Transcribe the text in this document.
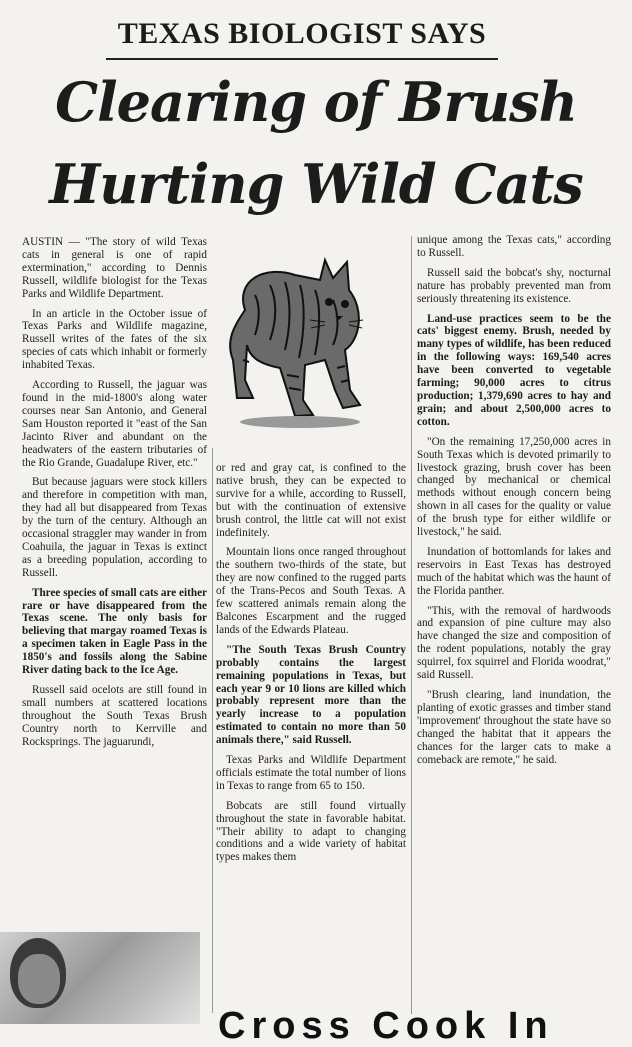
TEXAS BIOLOGIST SAYS
Clearing of Brush
Hurting Wild Cats

AUSTIN — "The story of wild Texas cats in general is one of rapid extermination," according to Dennis Russell, wildlife biologist for the Texas Parks and Wildlife Department.

In an article in the October issue of Texas Parks and Wildlife magazine, Russell writes of the fates of the six species of cats which inhabit or formerly inhabited Texas.

According to Russell, the jaguar was found in the mid-1800's along water courses near San Antonio, and General Sam Houston reported it "east of the San Jacinto River and abundant on the headwaters of the eastern tributaries of the Rio Grande, Guadalupe River, etc."

But because jaguars were stock killers and therefore in competition with man, they had all but disappeared from Texas by the turn of the century. Although an occasional straggler may wander in from Coahuila, the jaguar in Texas is extinct as a breeding population, according to Russell.

Three species of small cats are either rare or have disappeared from the Texas scene. The only basis for believing that margay roamed Texas is a specimen taken in Eagle Pass in the 1850's and fossils along the Sabine River dating back to the Ice Age.

Russell said ocelots are still found in small numbers at scattered locations throughout the South Texas Brush Country north to Kerrville and Rocksprings. The jaguarundi,

or red and gray cat, is confined to the native brush, they can be expected to survive for a while, according to Russell, but with the continuation of extensive brush control, the little cat will not exist indefinitely.

Mountain lions once ranged throughout the southern two-thirds of the state, but they are now confined to the rugged parts of the Trans-Pecos and South Texas. A few scattered animals remain along the Balcones Escarpment and the rugged lands of the Edwards Plateau.

"The South Texas Brush Country probably contains the largest remaining populations in Texas, but each year 9 or 10 lions are killed which probably represent more than the yearly increase to a population estimated to contain no more than 50 animals there," said Russell.

Texas Parks and Wildlife Department officials estimate the total number of lions in Texas to range from 65 to 150.

Bobcats are still found virtually throughout the state in favorable habitat. "Their ability to adapt to changing conditions and a wide variety of habitat types makes them

unique among the Texas cats," according to Russell.

Russell said the bobcat's shy, nocturnal nature has probably prevented man from seriously threatening its existence.

Land-use practices seem to be the cats' biggest enemy. Brush, needed by many types of wildlife, has been reduced in the following ways: 169,540 acres have been converted to vegetable farming; 90,000 acres to citrus production; 1,379,690 acres to hay and grain; and about 2,500,000 acres to cotton.

"On the remaining 17,250,000 acres in South Texas which is devoted primarily to livestock grazing, brush cover has been changed by mechanical or chemical methods without enough concern being shown in all cases for the quality or value of the brush type for either wildlife or livestock," he said.

Inundation of bottomlands for lakes and reservoirs in East Texas has destroyed much of the habitat which was the haunt of the Florida panther.

"This, with the removal of hardwoods and expansion of pine culture may also have changed the size and composition of the rodent populations, notably the gray squirrel, fox squirrel and Florida woodrat," said Russell.

"Brush clearing, land inundation, the planting of exotic grasses and timber stand 'improvement' throughout the state have so changed the habitat that it appears the chances for the larger cats to make a comeback are remote," he said.

Cross Cook In
